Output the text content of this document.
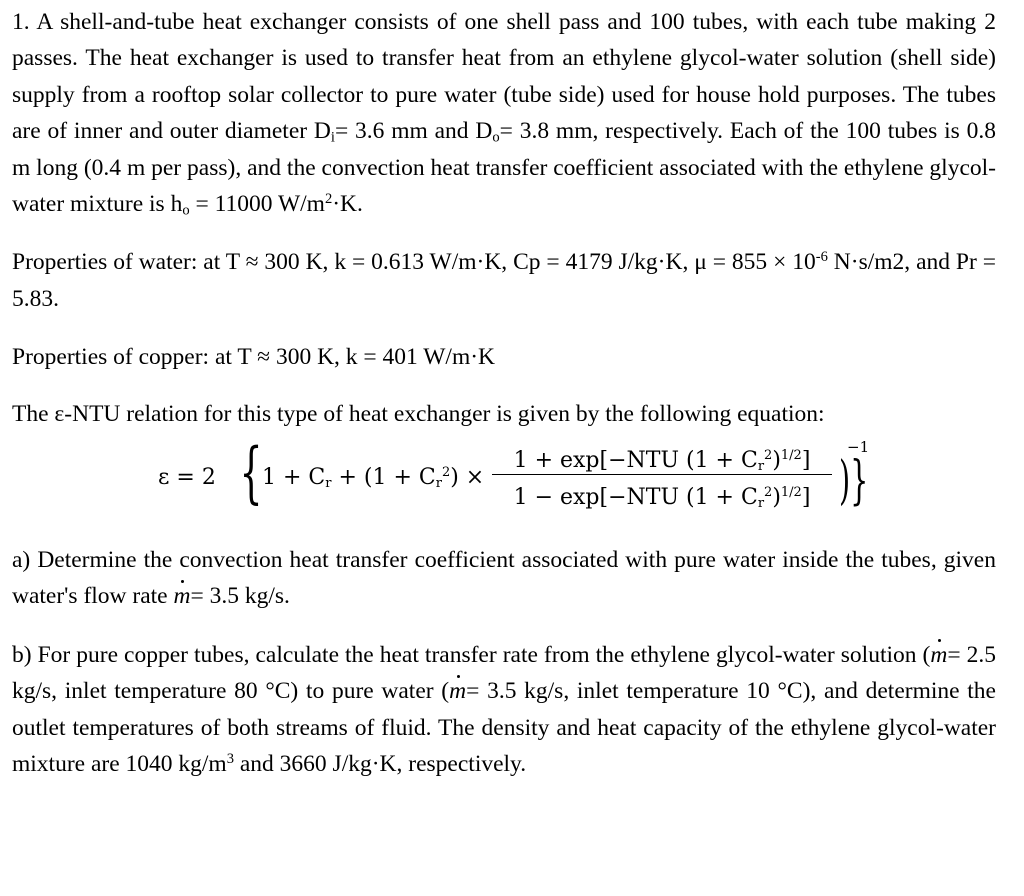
1. A shell-and-tube heat exchanger consists of one shell pass and 100 tubes, with each tube making 2 passes. The heat exchanger is used to transfer heat from an ethylene glycol-water solution (shell side) supply from a rooftop solar collector to pure water (tube side) used for house hold purposes. The tubes are of inner and outer diameter $D_i= 3.6$ mm and $D_o= 3.8$ mm, respectively. Each of the 100 tubes is 0.8 m long (0.4 m per pass), and the convection heat transfer coefficient associated with the ethylene glycol-water mixture is $h_o = 11000$ $W/m^2\cdot K$.

Properties of water: at T ≈ 300 K, k = 0.613 W/m·K, Cp = 4179 J/kg·K, $\mu = 855 \times 10^{-6}$ N·s/m2, and Pr = 5.83.

Properties of copper: at T ≈ 300 K, k = 401 W/m·K

The ε-NTU relation for this type of heat exchanger is given by the following equation:

ε = 2 { $1 + Cr + (1 + Cr^2)$ ×
1 + exp[−NTU $(1 + Cr^2)^{1/2}$]
1 − exp[−NTU $(1 + Cr^2)^{1/2}$] )}
−1

a) Determine the convection heat transfer coefficient associated with pure water inside the tubes, given water's flow rate m= 3.5 kg/s.

b) For pure copper tubes, calculate the heat transfer rate from the ethylene glycol-water solution (m= 2.5 kg/s, inlet temperature 80 °C) to pure water (m= 3.5 kg/s, inlet temperature 10 °C), and determine the outlet temperatures of both streams of fluid. The density and heat capacity of the ethylene glycol-water mixture are 1040 $kg/m^3$ and 3660 J/kg·K, respectively.
